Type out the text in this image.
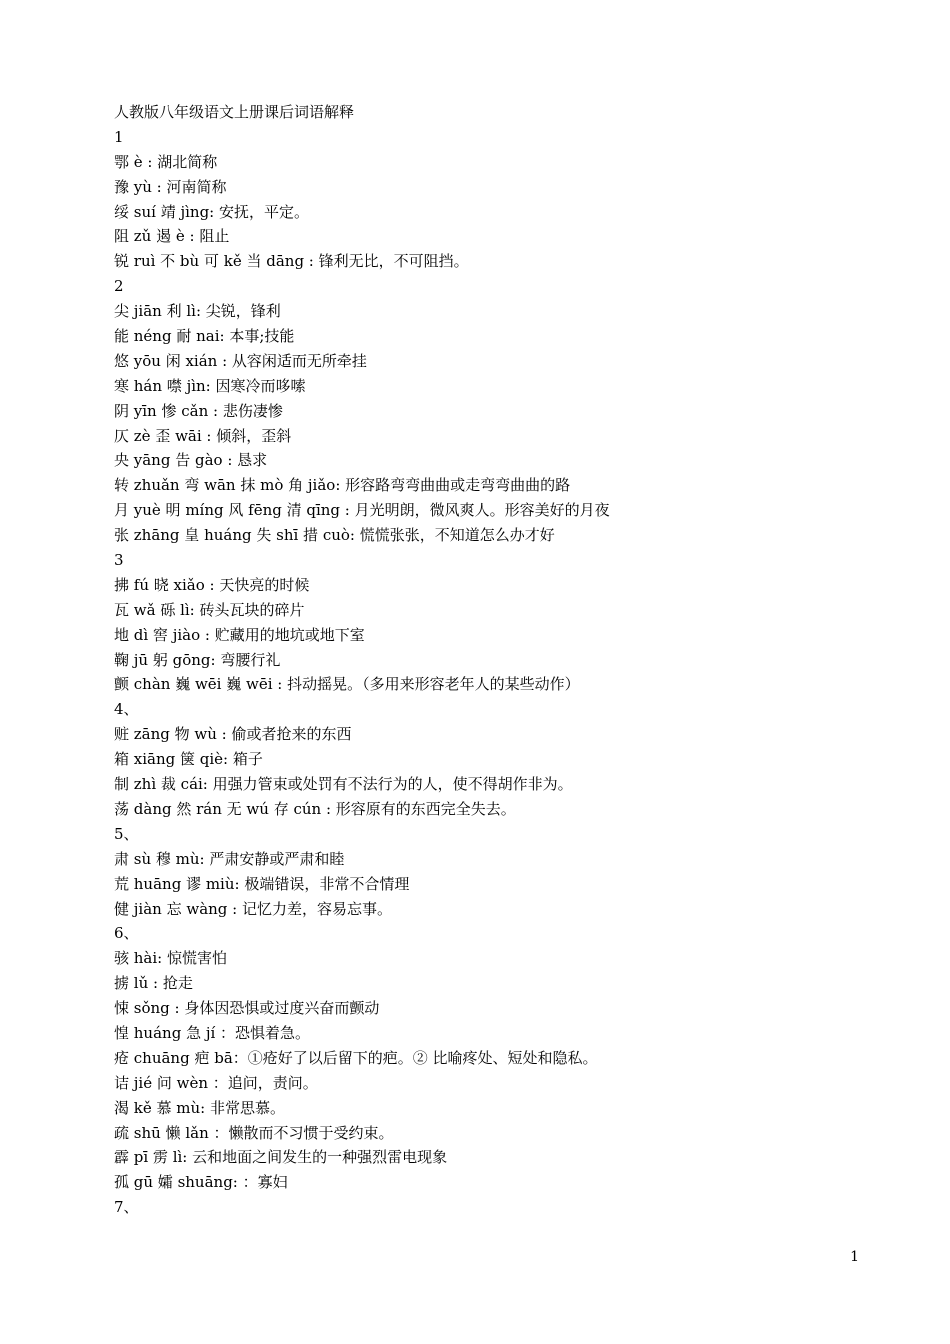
人教版八年级语文上册课后词语解释
1
鄂 è : 湖北简称
豫 yù : 河南简称
绥 suí 靖 jìng: 安抚，平定。
阻 zǔ 遏 è : 阻止
锐 ruì 不 bù 可 kě 当 dāng : 锋利无比，不可阻挡。
2
尖 jiān 利 lì: 尖锐，锋利
能 néng 耐 nai: 本事;技能
悠 yōu 闲 xián : 从容闲适而无所牵挂
寒 hán 噤 jìn: 因寒冷而哆嗦
阴 yīn 惨 cǎn : 悲伤凄惨
仄 zè 歪 wāi : 倾斜，歪斜
央 yāng 告 gào : 恳求
转 zhuǎn 弯 wān 抹 mò 角 jiǎo: 形容路弯弯曲曲或走弯弯曲曲的路
月 yuè 明 míng 风 fēng 清 qīng : 月光明朗，微风爽人。形容美好的月夜
张 zhāng 皇 huáng 失 shī 措 cuò: 慌慌张张，不知道怎么办才好
3
拂 fú 晓 xiǎo : 天快亮的时候
瓦 wǎ 砾 lì: 砖头瓦块的碎片
地 dì 窖 jiào : 贮藏用的地坑或地下室
鞠 jū 躬 gōng: 弯腰行礼
颤 chàn 巍 wēi 巍 wēi : 抖动摇晃。（多用来形容老年人的某些动作）
4、
赃 zāng 物 wù : 偷或者抢来的东西
箱 xiāng 箧 qiè: 箱子
制 zhì 裁 cái: 用强力管束或处罚有不法行为的人，使不得胡作非为。
荡 dàng 然 rán 无 wú 存 cún : 形容原有的东西完全失去。
5、
肃 sù 穆 mù: 严肃安静或严肃和睦
荒 huāng 谬 miù: 极端错误，非常不合情理
健 jiàn 忘 wàng : 记忆力差，容易忘事。
6、
骇 hài: 惊慌害怕
掳 lǔ : 抢走
悚 sǒng : 身体因恐惧或过度兴奋而颤动
惶 huáng 急 jí ：恐惧着急。
疮 chuāng 疤 bā：①疮好了以后留下的疤。② 比喻疼处、短处和隐私。
诘 jié 问 wèn ：追问，责问。
渴 kě 慕 mù: 非常思慕。
疏 shū 懒 lǎn ：懒散而不习惯于受约束。
霹 pī 雳 lì: 云和地面之间发生的一种强烈雷电现象
孤 gū 孀 shuāng: ：寡妇
7、
1
